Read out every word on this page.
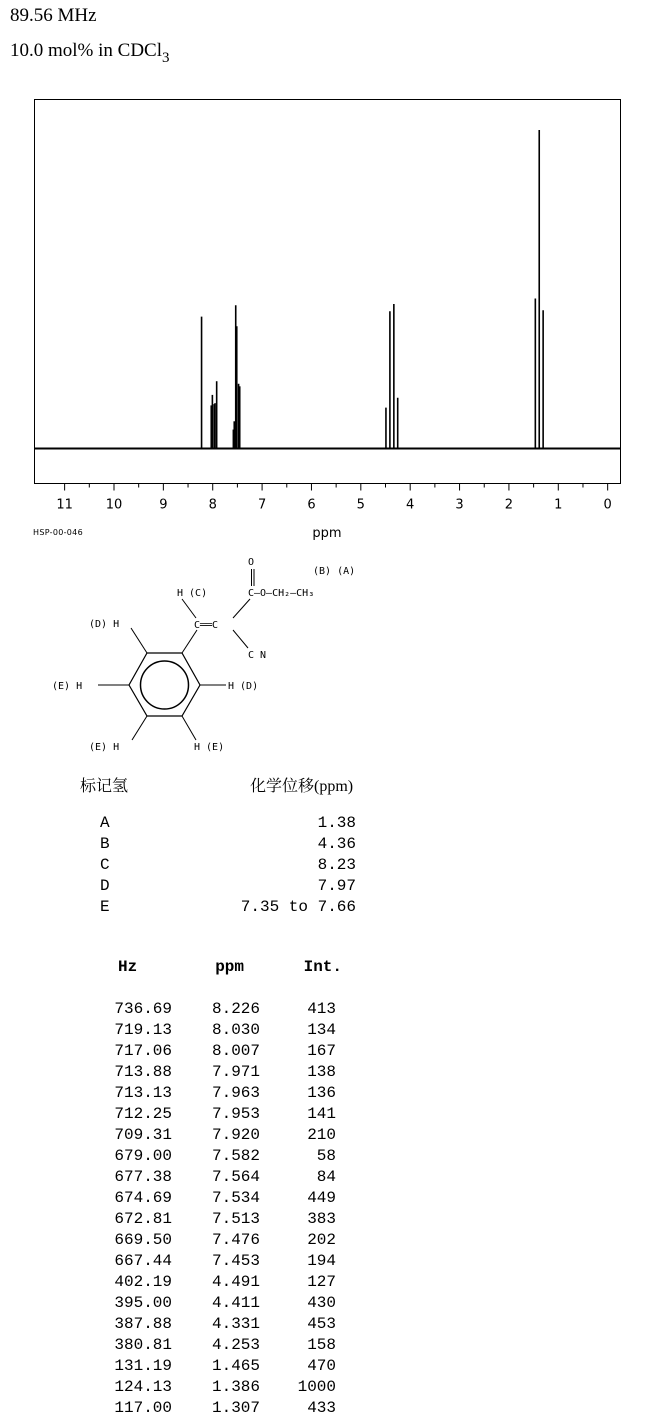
89.56 MHz
10.0 mol% in CDCl$_3$
11	10	9	8	7	6	5	4	3	2	1	0
ppm
HSP-00-046
O
(B) (A)
C—O—CH₂—CH₃
H (C)
C══C
C N
(D) H
(E) H	H (D)
(E) H	H (E)
标记氢	化学位移(ppm)
A	1.38
B	4.36
C	8.23
D	7.97
E	7.35 to 7.66
Hz	ppm	Int.
736.69 8.226	413
719.13 8.030	134
717.06 8.007	167
713.88 7.971	138
713.13 7.963	136
712.25 7.953	141
709.31 7.920	210
679.00 7.582	58
677.38 7.564	84
674.69 7.534	449
672.81 7.513	383
669.50 7.476	202
667.44 7.453	194
402.19 4.491	127
395.00 4.411	430
387.88 4.331	453
380.81 4.253	158
131.19 1.465	470
124.13 1.386 1000
117.00 1.307	433
